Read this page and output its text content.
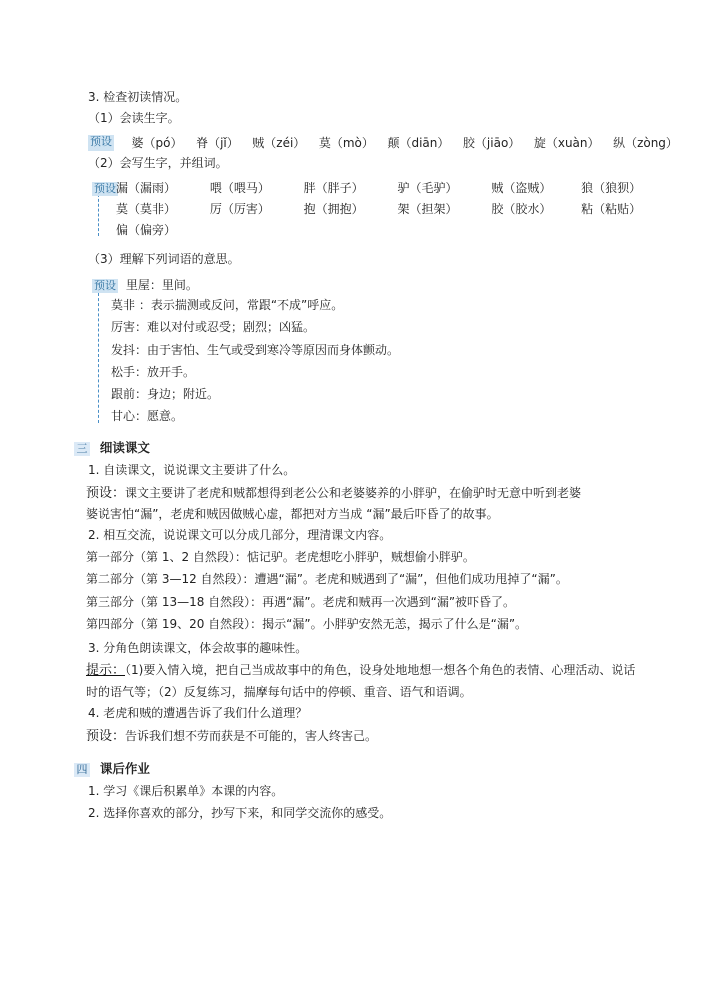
3. 检查初读情况。
（1）会读生字。
预设 婆（pó） 脊（jǐ） 贼（zéi） 莫（mò） 颠（diān） 胶（jiāo） 旋（xuàn） 纵（zòng）
（2）会写生字，并组词。
预设 漏（漏雨）	喂（喂马）	胖（胖子）	驴（毛驴）	贼（盗贼） 狼（狼狈）
莫（莫非）	厉（厉害）	抱（拥抱）	架（担架）	胶（胶水） 粘（粘贴）
偏（偏旁）
（3）理解下列词语的意思。
预设 里屋：里间。
莫非 ：表示揣测或反问，常跟“不成”呼应。
厉害：难以对付或忍受；剧烈；凶猛。
发抖：由于害怕、生气或受到寒冷等原因而身体颤动。
松手：放开手。
跟前：身边；附近。
甘心：愿意。
三 细读课文
1. 自读课文，说说课文主要讲了什么。
预设：课文主要讲了老虎和贼都想得到老公公和老婆婆养的小胖驴，在偷驴时无意中听到老婆
婆说害怕“漏”，老虎和贼因做贼心虚，都把对方当成 “漏”最后吓昏了的故事。
2. 相互交流，说说课文可以分成几部分，理清课文内容。
第一部分（第 1、2 自然段）：惦记驴。老虎想吃小胖驴，贼想偷小胖驴。
第二部分（第 3—12 自然段）：遭遇“漏”。老虎和贼遇到了“漏”，但他们成功甩掉了“漏”。
第三部分（第 13—18 自然段）：再遇“漏”。老虎和贼再一次遇到“漏”被吓昏了。
第四部分（第 19、20 自然段）：揭示“漏”。小胖驴安然无恙，揭示了什么是“漏”。
3. 分角色朗读课文，体会故事的趣味性。
提示：（1)要入情入境，把自己当成故事中的角色，设身处地地想一想各个角色的表情、心理活动、说话
时的语气等；（2）反复练习，揣摩每句话中的停顿、重音、语气和语调。
4. 老虎和贼的遭遇告诉了我们什么道理？
预设：告诉我们想不劳而获是不可能的，害人终害己。
四 课后作业
1. 学习《课后积累单》本课的内容。
2. 选择你喜欢的部分，抄写下来，和同学交流你的感受。
